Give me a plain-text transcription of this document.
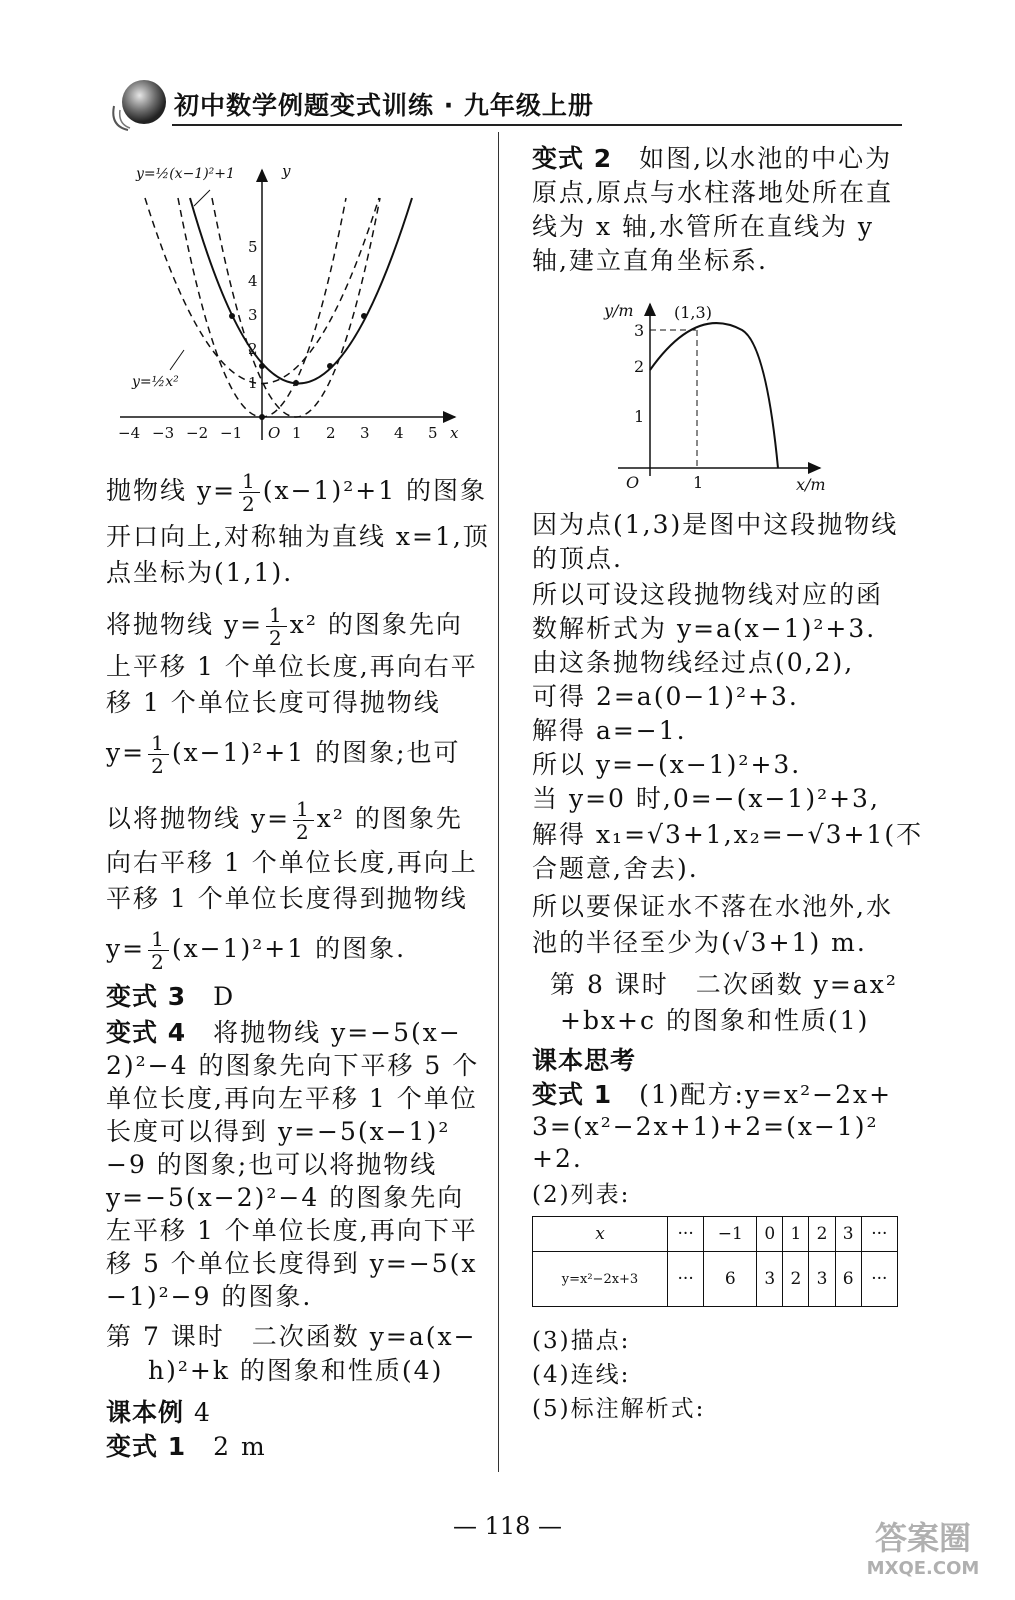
初中数学例题变式训练 · 九年级上册
x
y
O
−4 −3 −2 −1	1 2 3 4 5
1
2
3
4
5
y=½(x−1)²+1
y=½x²
抛物线 $y= \frac{1}{2} (x-1)^2+1$ 的图象
开口向上,对称轴为直线 x=1,顶
点坐标为(1,1).
将抛物线 $y= \frac{1}{2} x^2$ 的图象先向
上平移 1 个单位长度,再向右平
移 1 个单位长度可得抛物线
$y= \frac{1}{2} (x-1)^2+1$ 的图象;也可
以将抛物线 $y= \frac{1}{2} x^2$ 的图象先
向右平移 1 个单位长度,再向上
平移 1 个单位长度得到抛物线
$y= \frac{1}{2} (x-1)^2+1$ 的图象.
变式 3　 D
变式 4　 将抛物线 y=−5(x−
2)²−4 的图象先向下平移 5 个
单位长度,再向左平移 1 个单位
长度可以得到 y=−5(x−1)²
−9 的图象;也可以将抛物线
y=−5(x−2)²−4 的图象先向
左平移 1 个单位长度,再向下平
移 5 个单位长度得到 y=−5(x
−1)²−9 的图象.
第 7 课时　二次函数 y=a(x−
h)²+k 的图象和性质(4)
课本例 4
变式 1　 2 m
变式 2　 如图,以水池的中心为
原点,原点与水柱落地处所在直
线为 x 轴,水管所在直线为 y
轴,建立直角坐标系.
y/m	(1,3)
3
2
1
O	1	x/m
因为点(1,3)是图中这段抛物线
的顶点.
所以可设这段抛物线对应的函
数解析式为 y=a(x−1)²+3.
由这条抛物线经过点(0,2),
可得 2=a(0−1)²+3.
解得 a=−1.
所以 y=−(x−1)²+3.
当 y=0 时,0=−(x−1)²+3,
解得 x₁=√3+1,x₂=−√3+1(不
合题意,舍去).
所以要保证水不落在水池外,水
池的半径至少为(√3+1) m.
第 8 课时　二次函数 y=ax²
+bx+c 的图象和性质(1)
课本思考
变式 1　 (1)配方:y=x²−2x+
3=(x²−2x+1)+2=(x−1)²
+2.
(2)列表:
x	···	−1	0	1	2	3	···
y=x²−2x+3	···	6	3	2	3	6	···
(3)描点:
(4)连线:
(5)标注解析式:
— 118 —	答案圈
MXQE.COM
